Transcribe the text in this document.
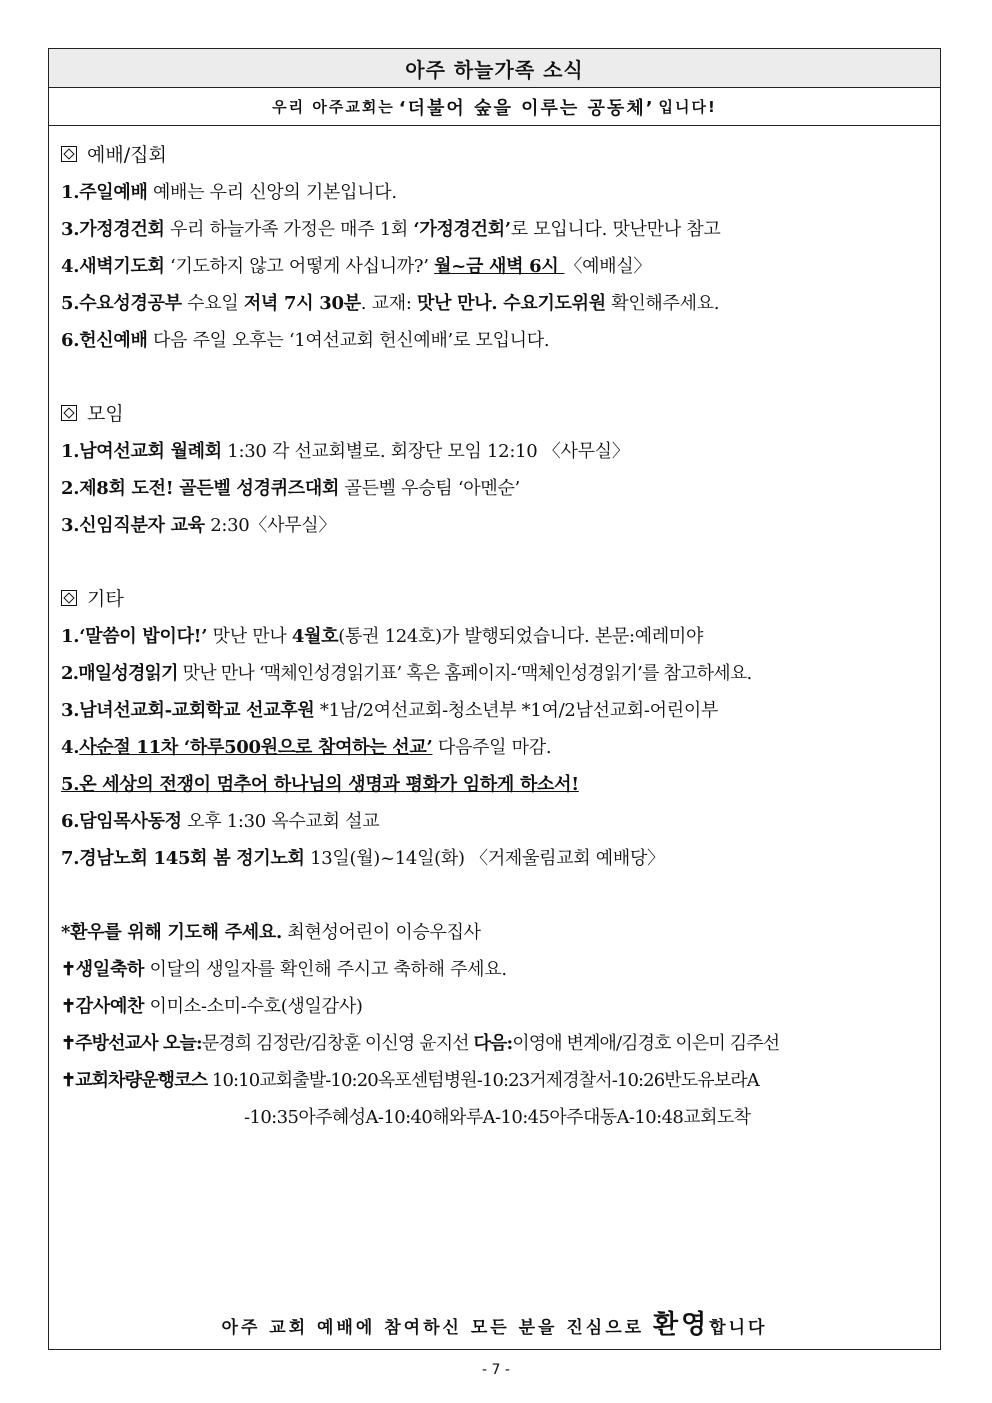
아주 하늘가족 소식
우리 아주교회는 ‘더불어 숲을 이루는 공동체’ 입니다!
예배/집회
1.주일예배 예배는 우리 신앙의 기본입니다.
3.가정경건회 우리 하늘가족 가정은 매주 1회 ‘가정경건회’로 모입니다. 맛난만나 참고
4.새벽기도회 ‘기도하지 않고 어떻게 사십니까?’ 월~금 새벽 6시 〈예배실〉
5.수요성경공부 수요일 저녁 7시 30분. 교재: 맛난 만나. 수요기도위원 확인해주세요.
6.헌신예배 다음 주일 오후는 ‘1여선교회 헌신예배’로 모입니다.
모임
1.남여선교회 월례회 1:30 각 선교회별로. 회장단 모임 12:10 〈사무실〉
2.제8회 도전! 골든벨 성경퀴즈대회 골든벨 우승팀 ‘아멘순’
3.신임직분자 교육 2:30〈사무실〉
기타
1.‘말씀이 밥이다!’ 맛난 만나 4월호(통권 124호)가 발행되었습니다. 본문:예레미야
2.매일성경읽기 맛난 만나 ‘맥체인성경읽기표’ 혹은 홈페이지-‘맥체인성경읽기’를 참고하세요.
3.남녀선교회-교회학교 선교후원 *1남/2여선교회-청소년부 *1여/2남선교회-어린이부
4.사순절 11차 ‘하루500원으로 참여하는 선교’ 다음주일 마감.
5.온 세상의 전쟁이 멈추어 하나님의 생명과 평화가 임하게 하소서!
6.담임목사동정 오후 1:30 옥수교회 설교
7.경남노회 145회 봄 정기노회 13일(월)~14일(화) 〈거제울림교회 예배당〉
*환우를 위해 기도해 주세요. 최현성어린이 이승우집사
✝생일축하 이달의 생일자를 확인해 주시고 축하해 주세요.
✝감사예찬 이미소-소미-수호(생일감사)
✝주방선교사 오늘:문경희 김정란/김창훈 이신영 윤지선 다음:이영애 변계애/김경호 이은미 김주선
✝교회차량운행코스 10:10교회출발-10:20옥포센텀병원-10:23거제경찰서-10:26반도유보라A
-10:35아주혜성A-10:40해와루A-10:45아주대동A-10:48교회도착
아주 교회 예배에 참여하신 모든 분을 진심으로 환영합니다
- 7 -
